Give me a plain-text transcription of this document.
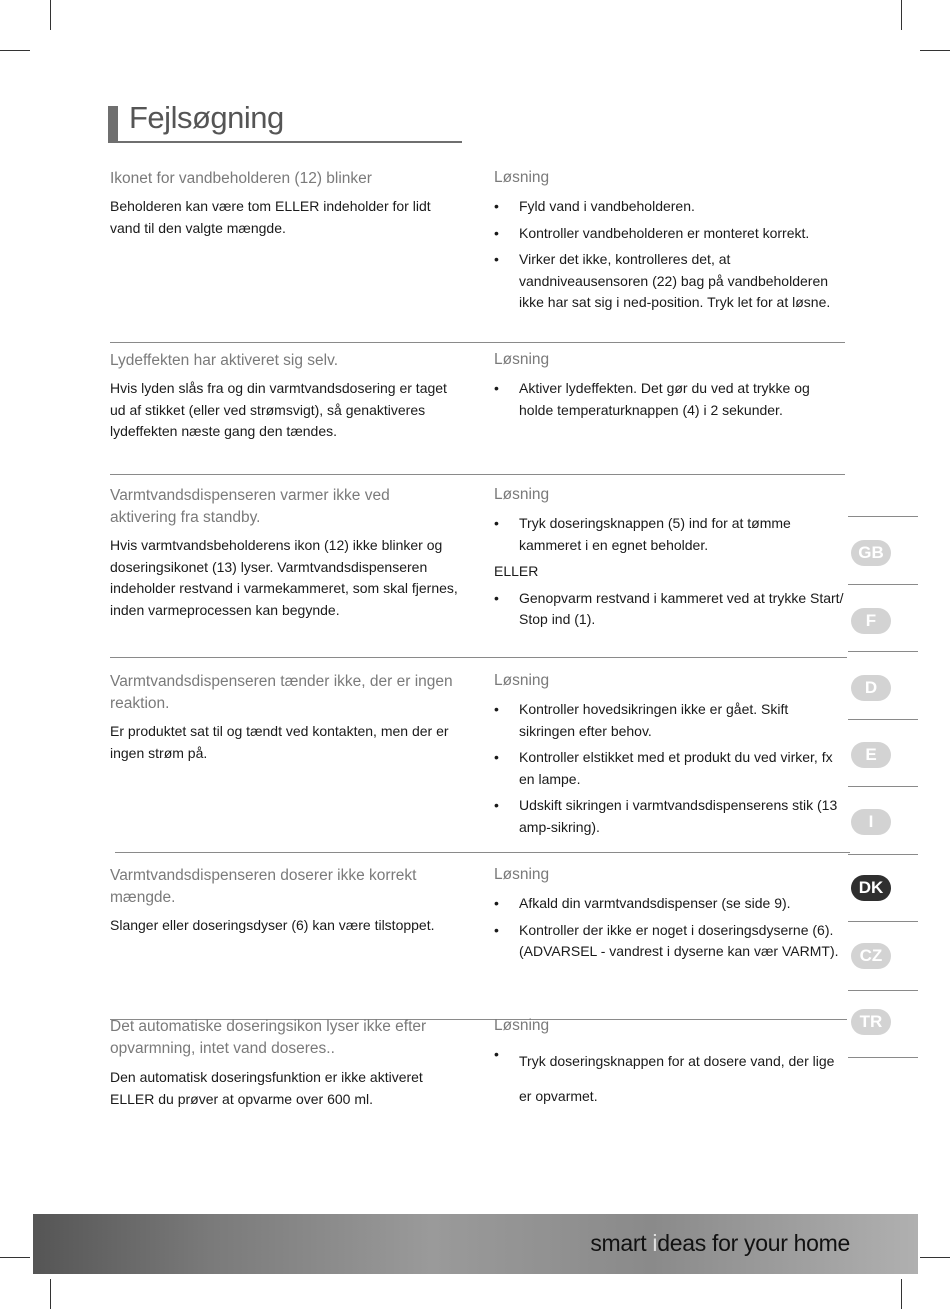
Fejlsøgning
Ikonet for vandbeholderen (12) blinker
Beholderen kan være tom ELLER indeholder for lidt vand til den valgte mængde.
Løsning
• Fyld vand i vandbeholderen.
• Kontroller vandbeholderen er monteret korrekt.
• Virker det ikke, kontrolleres det, at vandniveausensoren (22) bag på vandbeholderen ikke har sat sig i ned-position. Tryk let for at løsne.
Lydeffekten har aktiveret sig selv.
Hvis lyden slås fra og din varmtvandsdosering er taget ud af stikket (eller ved strømsvigt), så genaktiveres lydeffekten næste gang den tændes.
Løsning
• Aktiver lydeffekten. Det gør du ved at trykke og holde temperaturknappen (4) i 2 sekunder.
Varmtvandsdispenseren varmer ikke ved aktivering fra standby.
Hvis varmtvandsbeholderens ikon (12) ikke blinker og doseringsikonet (13) lyser. Varmtvandsdispenseren indeholder restvand i varmekammeret, som skal fjernes, inden varmeprocessen kan begynde.
Løsning
• Tryk doseringsknappen (5) ind for at tømme kammeret i en egnet beholder.

ELLER

• Genopvarm restvand i kammeret ved at trykke Start/ Stop ind (1).
Varmtvandsdispenseren tænder ikke, der er ingen reaktion.
Er produktet sat til og tændt ved kontakten, men der er ingen strøm på.
Løsning
• Kontroller hovedsikringen ikke er gået. Skift sikringen efter behov.
• Kontroller elstikket med et produkt du ved virker, fx en lampe.
• Udskift sikringen i varmtvandsdispenserens stik (13 amp-sikring).
Varmtvandsdispenseren doserer ikke korrekt mængde.
Slanger eller doseringsdyser (6) kan være tilstoppet.
Løsning
• Afkald din varmtvandsdispenser (se side 9).
• Kontroller der ikke er noget i doseringsdyserne (6). (ADVARSEL - vandrest i dyserne kan vær VARMT).
Det automatiske doseringsikon lyser ikke efter opvarmning, intet vand doseres..
Den automatisk doseringsfunktion er ikke aktiveret ELLER du prøver at opvarme over 600 ml.
Løsning
• Tryk doseringsknappen for at dosere vand, der lige er opvarmet.
GB
F
D
E
I
DK
CZ
TR
smart ideas for your home
